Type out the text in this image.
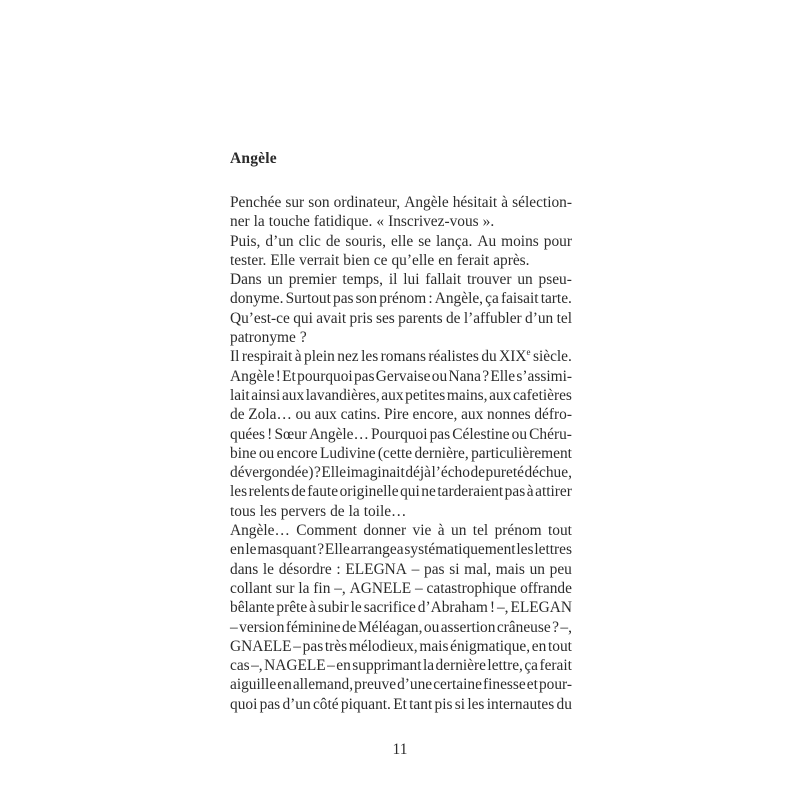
Angèle
Penchée sur son ordinateur, Angèle hésitait à sélection-
ner la touche fatidique. « Inscrivez-vous ».
Puis, d’un clic de souris, elle se lança. Au moins pour
tester. Elle verrait bien ce qu’elle en ferait après.
Dans un premier temps, il lui fallait trouver un pseu-
donyme. Surtout pas son prénom : Angèle, ça faisait tarte.
Qu’est-ce qui avait pris ses parents de l’affubler d’un tel
patronyme ?
Il respirait à plein nez les romans réalistes du XIXe siècle.
Angèle ! Et pourquoi pas Gervaise ou Nana ? Elle s’assimi-
lait ainsi aux lavandières, aux petites mains, aux cafetières
de Zola… ou aux catins. Pire encore, aux nonnes défro-
quées ! Sœur Angèle… Pourquoi pas Célestine ou Chéru-
bine ou encore Ludivine (cette dernière, particulièrement
dévergondée) ? Elle imaginait déjà l’écho de pureté déchue,
les relents de faute originelle qui ne tarderaient pas à attirer
tous les pervers de la toile…
Angèle… Comment donner vie à un tel prénom tout
en le masquant ? Elle arrangea systématiquement les lettres
dans le désordre : ELEGNA – pas si mal, mais un peu
collant sur la fin –, AGNELE – catastrophique offrande
bêlante prête à subir le sacrifice d’Abraham ! –, ELEGAN
– version féminine de Méléagan, ou assertion crâneuse ? –,
GNAELE – pas très mélodieux, mais énigmatique, en tout
cas –, NAGELE – en supprimant la dernière lettre, ça ferait
aiguille en allemand, preuve d’une certaine finesse et pour-
quoi pas d’un côté piquant. Et tant pis si les internautes du

11
